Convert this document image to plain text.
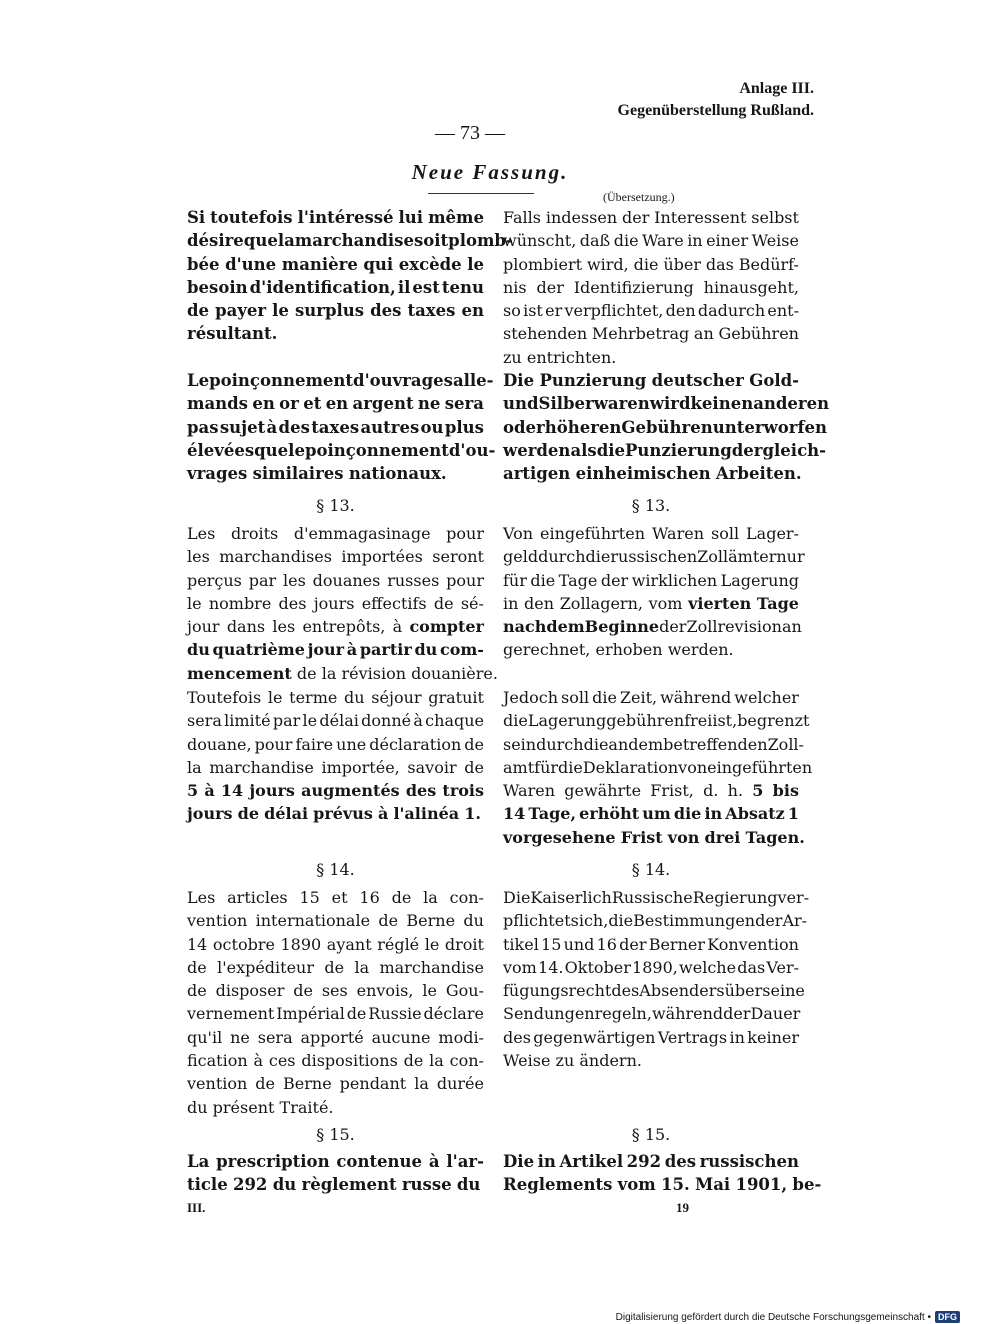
Anlage III.
Gegenüberstellung Rußland.
— 73 —
Neue Fassung.
(Übersetzung.)
Si toutefois l'intéressé lui même
désire que la marchandise soit plomb-
bée d'une manière qui excède le
besoin d'identification, il est tenu
de payer le surplus des taxes en
résultant.
Le poinçonnement d'ouvrages alle-
mands en or et en argent ne sera
pas sujet à des taxes autres ou plus
élevées que le poinçonnement d'ou-
vrages similaires nationaux.
§ 13.
Les droits d'emmagasinage pour
les marchandises importées seront
perçus par les douanes russes pour
le nombre des jours effectifs de sé-
jour dans les entrepôts, à compter
du quatrième jour à partir du com-
mencement de la révision douanière.
Toutefois le terme du séjour gratuit
sera limité par le délai donné à chaque
douane, pour faire une déclaration de
la marchandise importée, savoir de
5 à 14 jours augmentés des trois
jours de délai prévus à l'alinéa 1.
§ 14.
Les articles 15 et 16 de la con-
vention internationale de Berne du
14 octobre 1890 ayant réglé le droit
de l'expéditeur de la marchandise
de disposer de ses envois, le Gou-
vernement Impérial de Russie déclare
qu'il ne sera apporté aucune modi-
fication à ces dispositions de la con-
vention de Berne pendant la durée
du présent Traité.
§ 15.
La prescription contenue à l'ar-
ticle 292 du règlement russe du
III.
Falls indessen der Interessent selbst
wünscht, daß die Ware in einer Weise
plombiert wird, die über das Bedürf-
nis der Identifizierung hinausgeht,
so ist er verpflichtet, den dadurch ent-
stehenden Mehrbetrag an Gebühren
zu entrichten.
Die Punzierung deutscher Gold-
und Silberwaren wird keinen anderen
oder höheren Gebühren unterworfen
werden als die Punzierung der gleich-
artigen einheimischen Arbeiten.
§ 13.
Von eingeführten Waren soll Lager-
geld durch die russischen Zollämter nur
für die Tage der wirklichen Lagerung
in den Zollagern, vom vierten Tage
nach dem Beginne der Zollrevision an
gerechnet, erhoben werden.
Jedoch soll die Zeit, während welcher
die Lagerung gebührenfrei ist, begrenzt
sein durch die an dem betreffenden Zoll-
amt für die Deklaration von eingeführten
Waren gewährte Frist, d. h. 5 bis
14 Tage, erhöht um die in Absatz 1
vorgesehene Frist von drei Tagen.
§ 14.
Die Kaiserlich Russische Regierung ver-
pflichtet sich, die Bestimmungen der Ar-
tikel 15 und 16 der Berner Konvention
vom 14. Oktober 1890, welche das Ver-
fügungsrecht des Absenders über seine
Sendungen regeln, während der Dauer
des gegenwärtigen Vertrags in keiner
Weise zu ändern.
§ 15.
Die in Artikel 292 des russischen
Reglements vom 15. Mai 1901, be-
19
Digitalisierung gefördert durch die Deutsche Forschungsgemeinschaft • DFG
